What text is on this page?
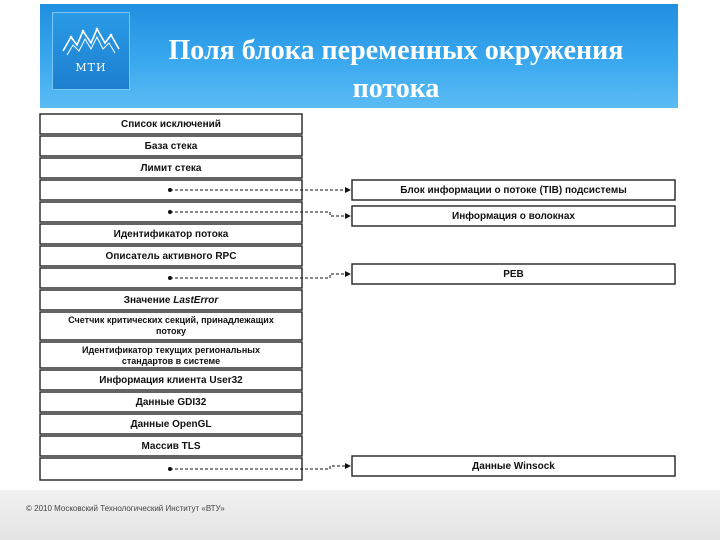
МТИ
Поля блока переменных окружения потока
Список исключений
База стека
Лимит стека
Идентификатор потока
Описатель активного RPC
Значение LastError
Счетчик критических секций, принадлежащих потоку
Идентификатор текущих региональных стандартов в системе
Информация клиента User32
Данные GDI32
Данные OpenGL
Массив TLS
Блок информации о потоке (TIB) подсистемы
Информация о волокнах
PEB
Данные Winsock
© 2010 Московский Технологический Институт «ВТУ»
